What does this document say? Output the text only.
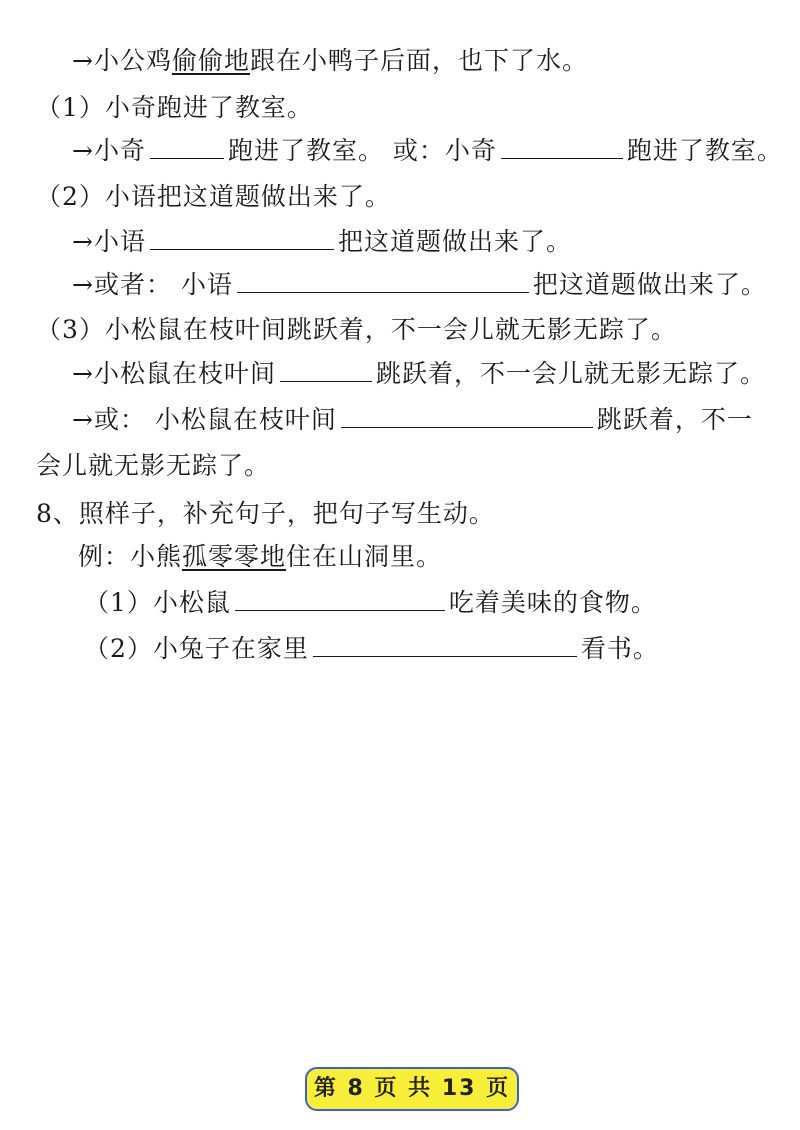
→小公鸡偷偷地跟在小鸭子后面，也下了水。
（1）小奇跑进了教室。
→小奇	跑进了教室。 或：小奇	跑进了教室。
（2）小语把这道题做出来了。
→小语	把这道题做出来了。
→或者： 小语	把这道题做出来了。
（3）小松鼠在枝叶间跳跃着，不一会儿就无影无踪了。
→小松鼠在枝叶间	跳跃着，不一会儿就无影无踪了。
→或： 小松鼠在枝叶间	跳跃着，不一
会儿就无影无踪了。
8、照样子，补充句子，把句子写生动。
例：小熊孤零零地住在山洞里。
（1）小松鼠	吃着美味的食物。
（2）小兔子在家里	看书。
第 8 页 共 13 页
